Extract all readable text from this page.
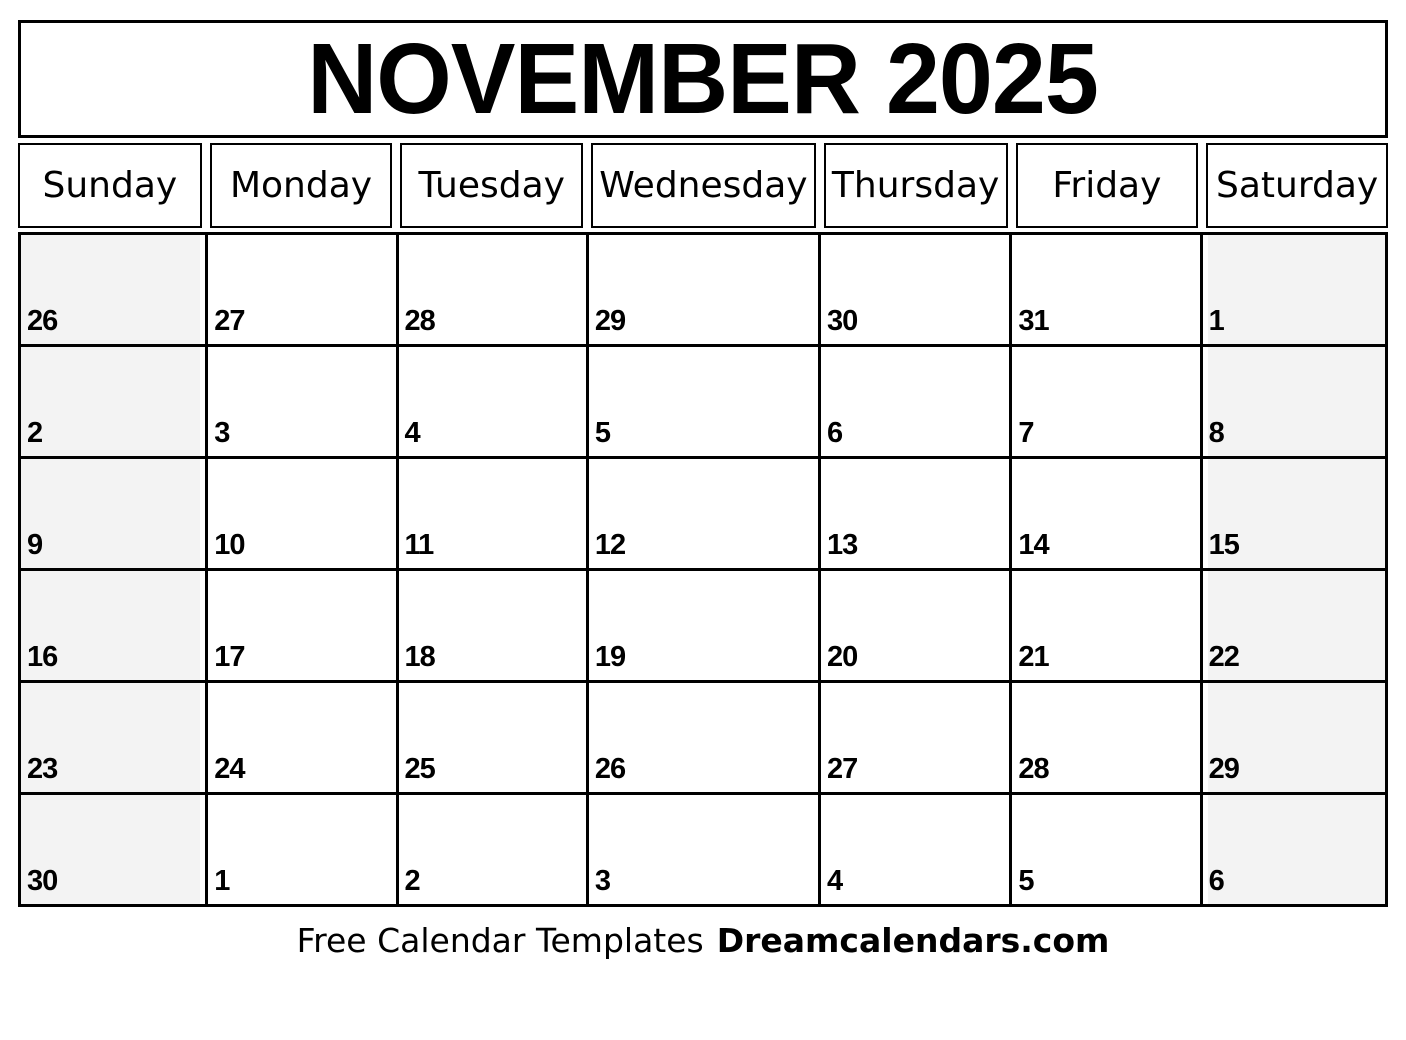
NOVEMBER 2025
Sunday	Monday	Tuesday Wednesday Thursday	Friday	Saturday
26	27	28	29	30	31	1
2	3	4	5	6	7	8
9	10	11	12	13	14	15
16	17	18	19	20	21	22
23	24	25	26	27	28	29
30	1	2	3	4	5	6
Free Calendar Templates Dreamcalendars.com
